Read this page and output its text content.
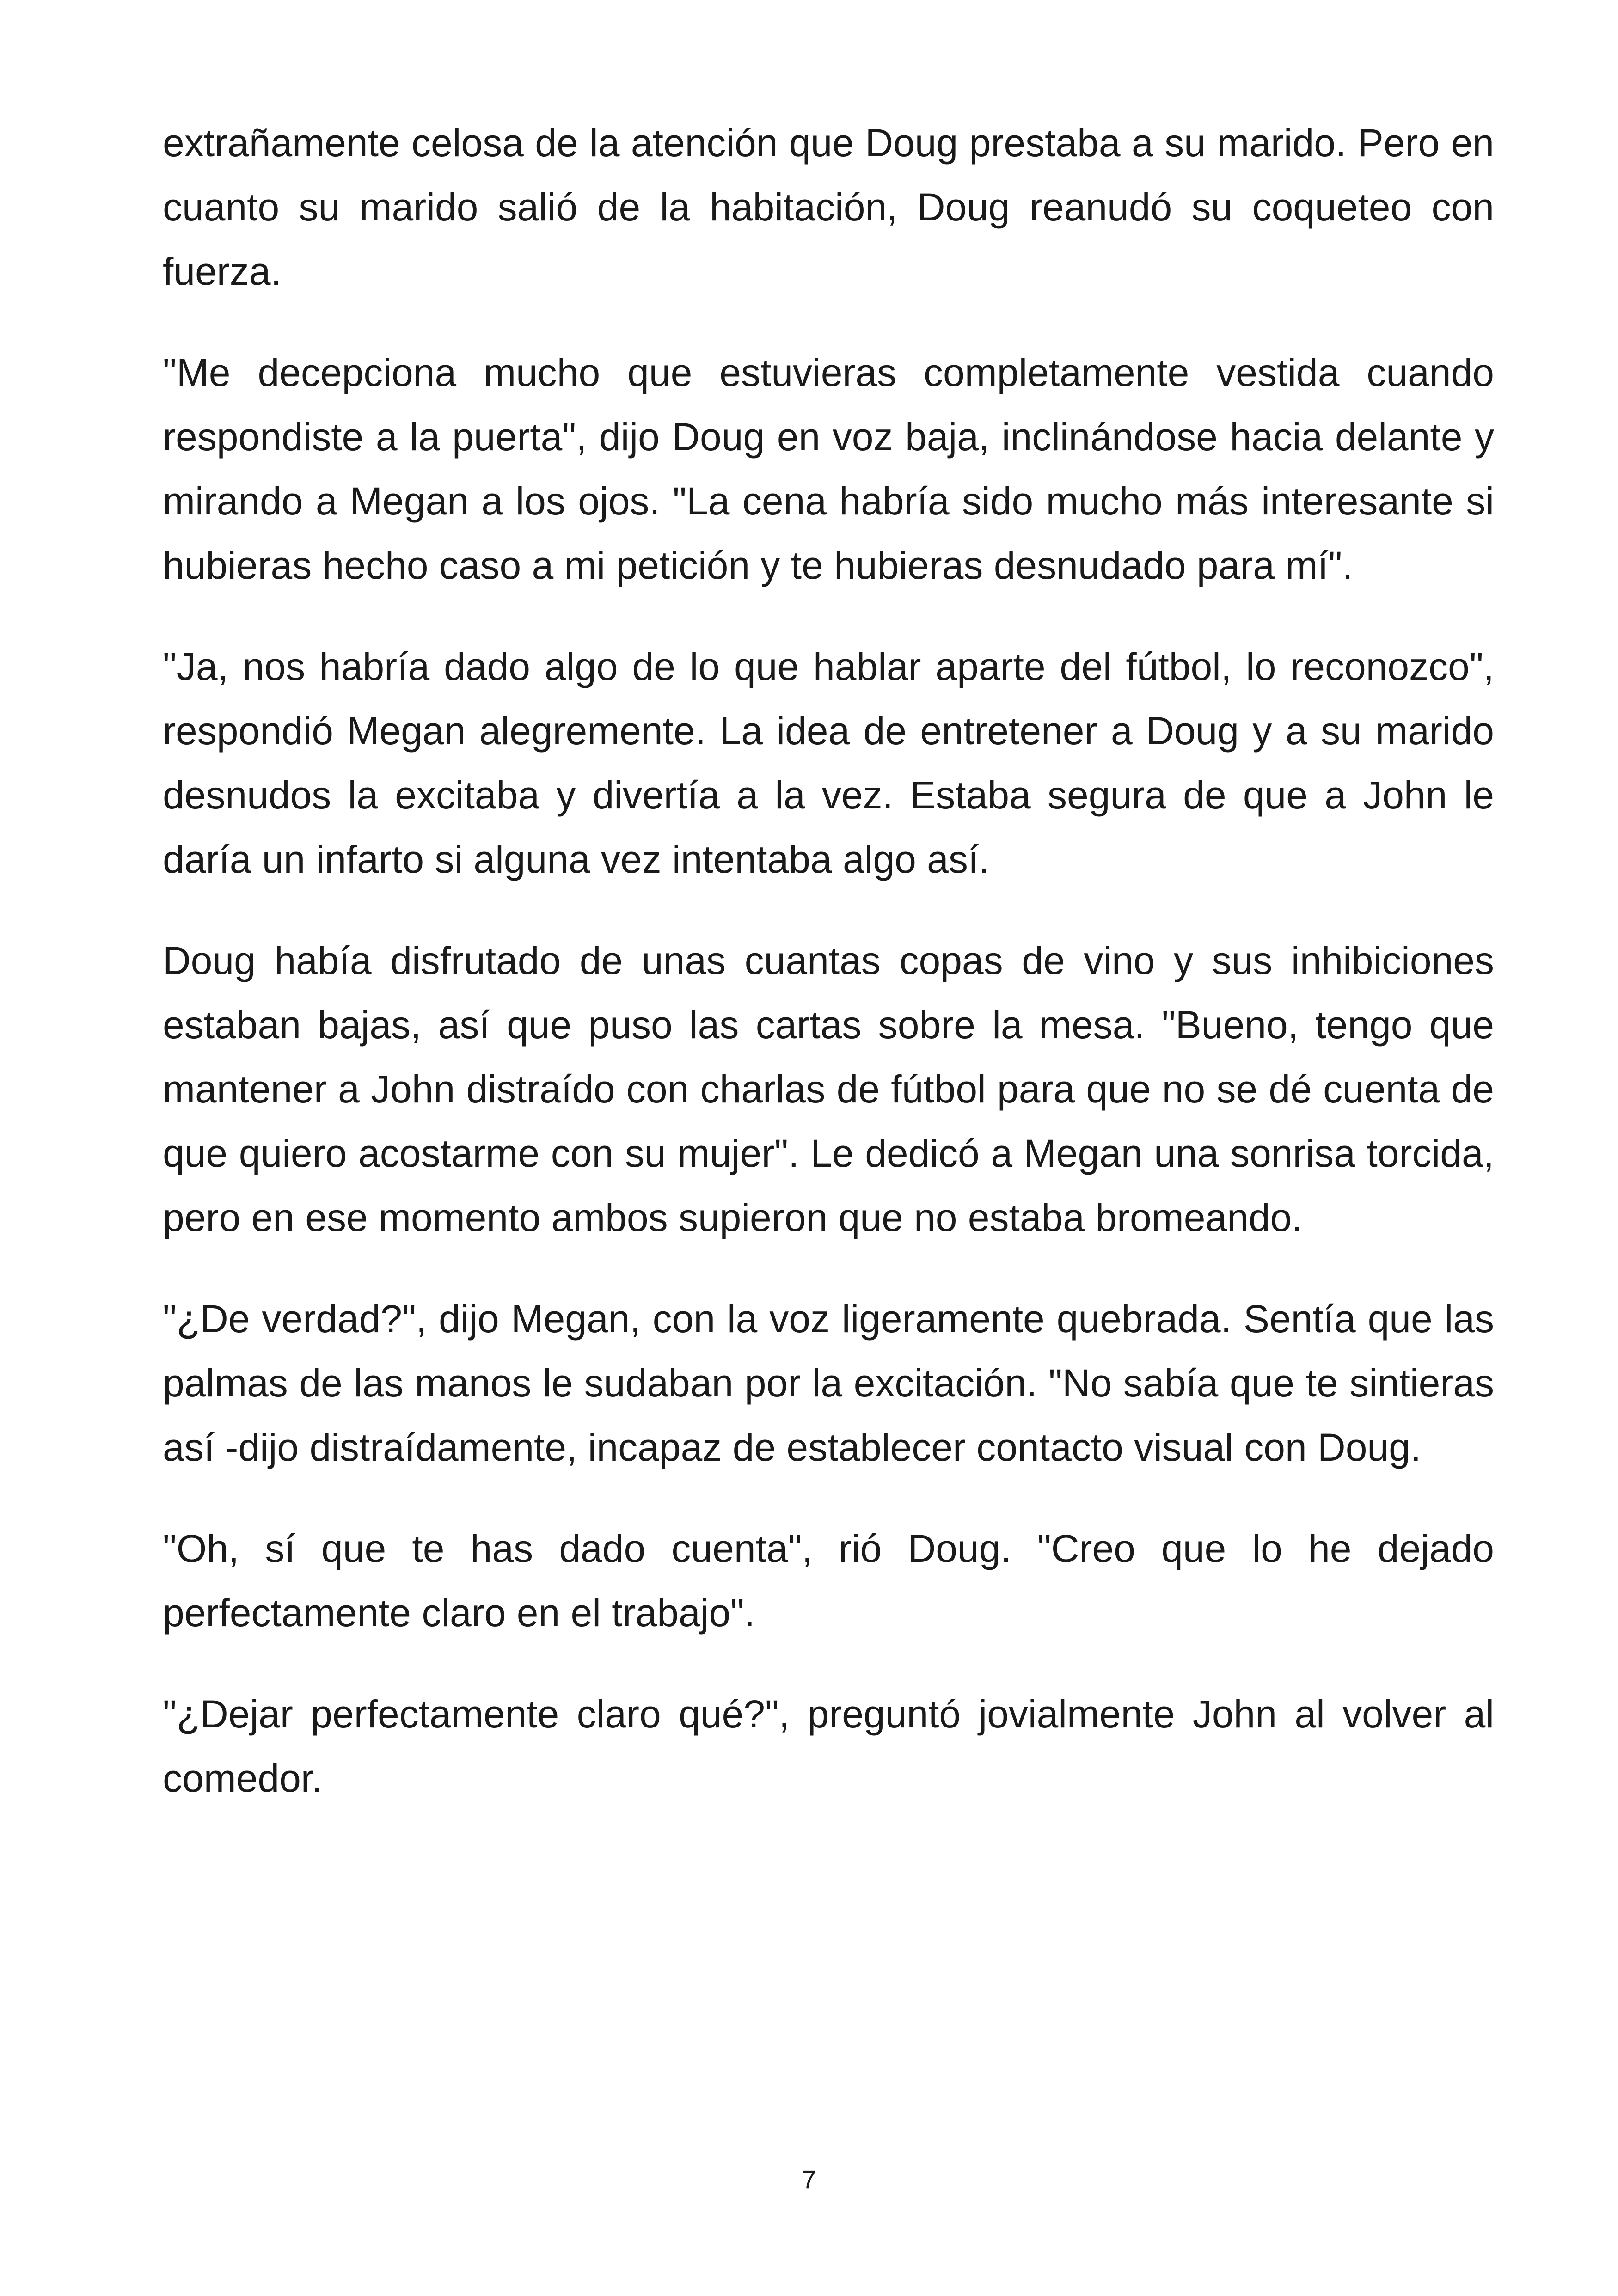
extrañamente celosa de la atención que Doug prestaba a su marido. Pero en cuanto su marido salió de la habitación, Doug reanudó su coqueteo con fuerza.

"Me decepciona mucho que estuvieras completamente vestida cuando respondiste a la puerta", dijo Doug en voz baja, inclinándose hacia delante y mirando a Megan a los ojos. "La cena habría sido mucho más interesante si hubieras hecho caso a mi petición y te hubieras desnudado para mí".

"Ja, nos habría dado algo de lo que hablar aparte del fútbol, lo reconozco", respondió Megan alegremente. La idea de entretener a Doug y a su marido desnudos la excitaba y divertía a la vez. Estaba segura de que a John le daría un infarto si alguna vez intentaba algo así.

Doug había disfrutado de unas cuantas copas de vino y sus inhibiciones estaban bajas, así que puso las cartas sobre la mesa. "Bueno, tengo que mantener a John distraído con charlas de fútbol para que no se dé cuenta de que quiero acostarme con su mujer". Le dedicó a Megan una sonrisa torcida, pero en ese momento ambos supieron que no estaba bromeando.

"¿De verdad?", dijo Megan, con la voz ligeramente quebrada. Sentía que las palmas de las manos le sudaban por la excitación. "No sabía que te sintieras así -dijo distraídamente, incapaz de establecer contacto visual con Doug.

"Oh, sí que te has dado cuenta", rió Doug. "Creo que lo he dejado perfectamente claro en el trabajo".

"¿Dejar perfectamente claro qué?", preguntó jovialmente John al volver al comedor.

7
